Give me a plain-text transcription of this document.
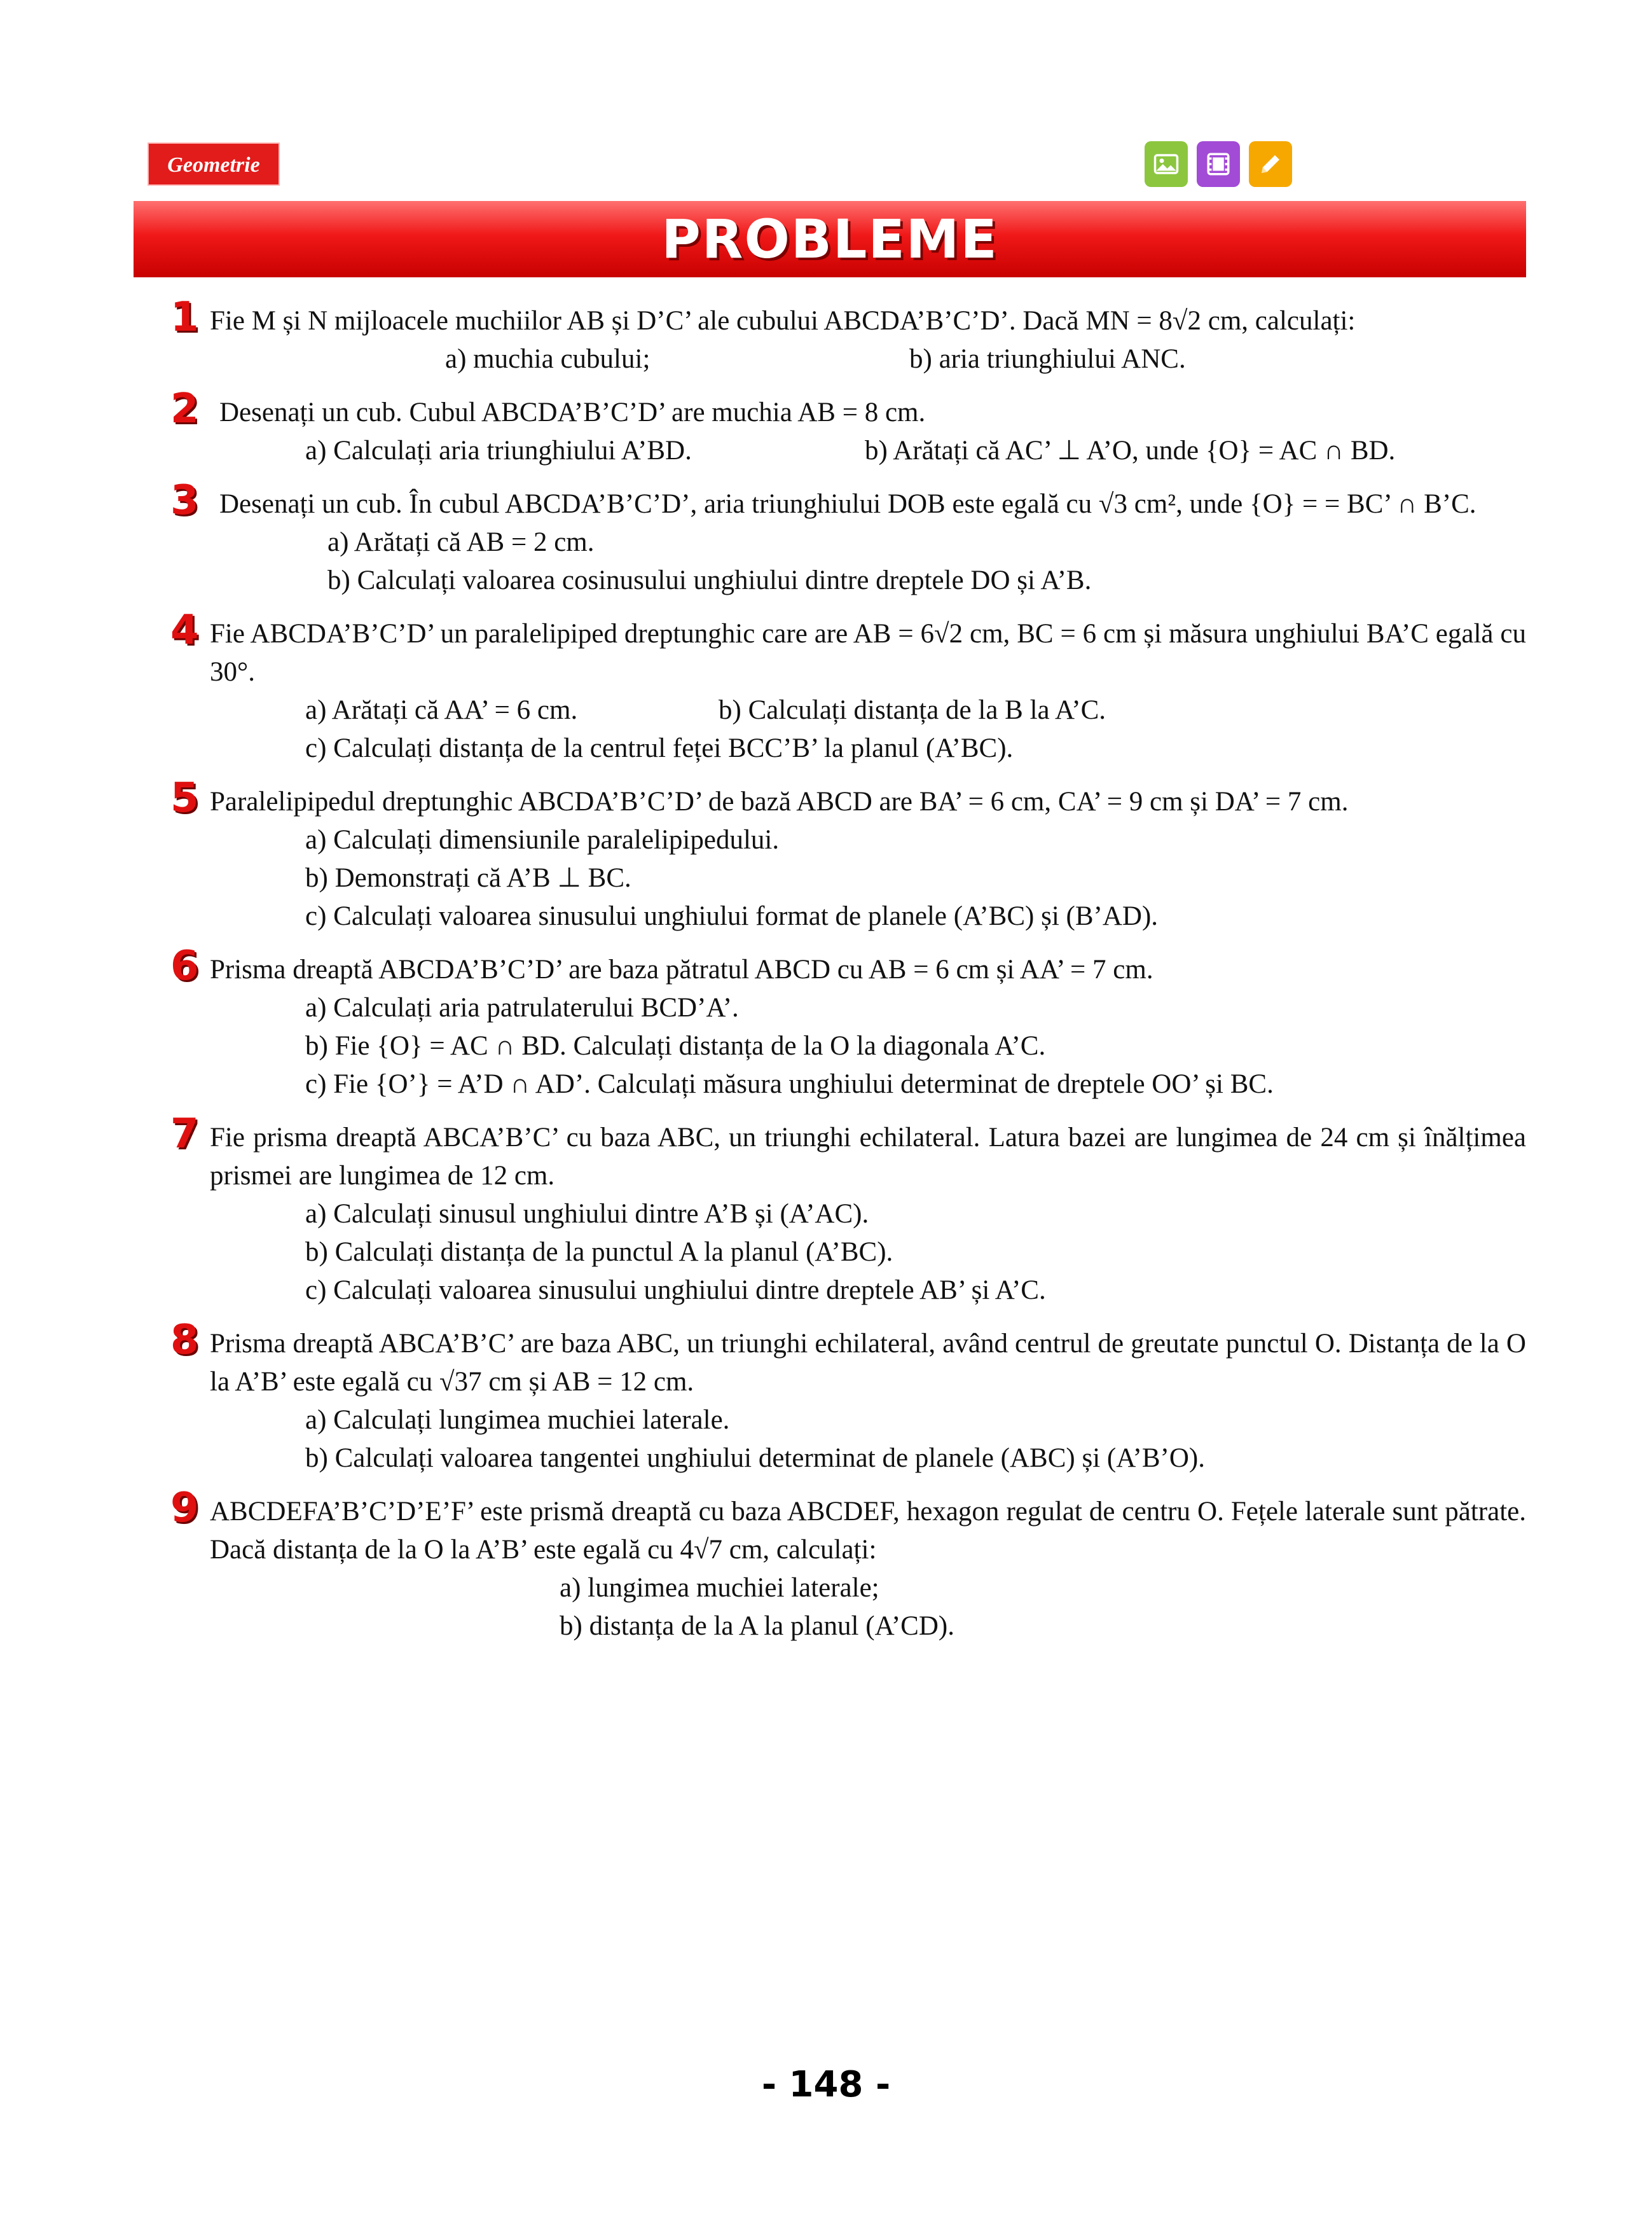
Geometrie
PROBLEME
1 Fie M și N mijloacele muchiilor AB și D’C’ ale cubului ABCDA’B’C’D’. Dacă MN = 8√2 cm, calculați:
a) muchia cubului;	b) aria triunghiului ANC.
2 Desenați un cub. Cubul ABCDA’B’C’D’ are muchia AB = 8 cm.
a) Calculați aria triunghiului A’BD.	b) Arătați că AC’ ⊥ A’O, unde {O} = AC ∩ BD.
3 Desenați un cub. În cubul ABCDA’B’C’D’, aria triunghiului DOB este egală cu √3 cm², unde {O} = = BC’ ∩ B’C.
a) Arătați că AB = 2 cm.
b) Calculați valoarea cosinusului unghiului dintre dreptele DO și A’B.
4 Fie ABCDA’B’C’D’ un paralelipiped dreptunghic care are AB = 6√2 cm, BC = 6 cm și măsura unghiului BA’C egală cu 30°.
a) Arătați că AA’ = 6 cm.	b) Calculați distanța de la B la A’C.
c) Calculați distanța de la centrul feței BCC’B’ la planul (A’BC).
5 Paralelipipedul dreptunghic ABCDA’B’C’D’ de bază ABCD are BA’ = 6 cm, CA’ = 9 cm și DA’ = 7 cm.
a) Calculați dimensiunile paralelipipedului.
b) Demonstrați că A’B ⊥ BC.
c) Calculați valoarea sinusului unghiului format de planele (A’BC) și (B’AD).
6 Prisma dreaptă ABCDA’B’C’D’ are baza pătratul ABCD cu AB = 6 cm și AA’ = 7 cm.
a) Calculați aria patrulaterului BCD’A’.
b) Fie {O} = AC ∩ BD. Calculați distanța de la O la diagonala A’C.
c) Fie {O’} = A’D ∩ AD’. Calculați măsura unghiului determinat de dreptele OO’ și BC.
7 Fie prisma dreaptă ABCA’B’C’ cu baza ABC, un triunghi echilateral. Latura bazei are lungimea de 24 cm și înălțimea prismei are lungimea de 12 cm.
a) Calculați sinusul unghiului dintre A’B și (A’AC).
b) Calculați distanța de la punctul A la planul (A’BC).
c) Calculați valoarea sinusului unghiului dintre dreptele AB’ și A’C.
8 Prisma dreaptă ABCA’B’C’ are baza ABC, un triunghi echilateral, având centrul de greutate punctul O. Distanța de la O la A’B’ este egală cu √37 cm și AB = 12 cm.
a) Calculați lungimea muchiei laterale.
b) Calculați valoarea tangentei unghiului determinat de planele (ABC) și (A’B’O).
9 ABCDEFA’B’C’D’E’F’ este prismă dreaptă cu baza ABCDEF, hexagon regulat de centru O. Fețele laterale sunt pătrate. Dacă distanța de la O la A’B’ este egală cu 4√7 cm, calculați:
a) lungimea muchiei laterale;
b) distanța de la A la planul (A’CD).
- 148 -
